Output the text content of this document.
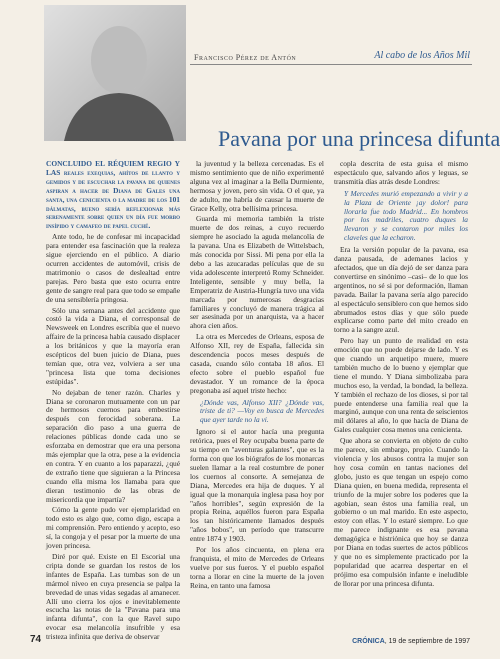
Francisco Pérez de Antón	Al cabo de los Años Mil
Pavana por una princesa difunta

CONCLUIDO EL RÉQUIEM REGIO Y LAS reales exequias, ahítos de llanto y gemidos y de escuchar la pavana de quienes aspiran a hacer de Diana de Gales una santa, una cenicienta o la madre de los 101 dálmatas, bueno sería reflexionar más serenamente sobre quien un día fue morbo insípido y camafeo de papel cuché.

Ante todo, he de confesar mi incapacidad para entender esa fascinación que la realeza sigue ejerciendo en el público. A diario ocurren accidentes de automóvil, crisis de matrimonio o casos de deslealtad entre parejas. Pero basta que esto ocurra entre gente de sangre real para que todo se empañe de una sensiblería pringosa.

Sólo una semana antes del accidente que costó la vida a Diana, el corresponsal de Newsweek en Londres escribía que el nuevo affaire de la princesa había causado displacer a los británicos y que la mayoría eran escépticos del buen juicio de Diana, pues temían que, otra vez, volviera a ser una "princesa lista que toma decisiones estúpidas".

No dejaban de tener razón. Charles y Diana se coronaron mutuamente con un par de hermosos cuernos para embestirse después con ferocidad soberana. La separación dio paso a una guerra de relaciones públicas donde cada uno se esforzaba en demostrar que era una persona más ejemplar que la otra, pese a la evidencia en contra. Y en cuanto a los paparazzi, ¿qué de extraño tiene que siguieran a la Princesa cuando ella misma los llamaba para que dieran testimonio de las obras de misericordia que impartía?

Cómo la gente pudo ver ejemplaridad en todo esto es algo que, como digo, escapa a mi comprensión. Pero entiendo y acepto, eso sí, la congoja y el pesar por la muerte de una joven princesa.

Diré por qué. Existe en El Escorial una cripta donde se guardan los restos de los infantes de España. Las tumbas son de un mármol níveo en cuya presencia se palpa la brevedad de unas vidas segadas al amanecer. Allí uno cierra los ojos e inevitablemente escucha las notas de la "Pavana para una infanta difunta", con la que Ravel supo evocar esa melancolía insufrible y esa tristeza infinita que deriva de observar

la juventud y la belleza cercenadas. Es el mismo sentimiento que de niño experimenté alguna vez al imaginar a la Bella Durmiente, hermosa y joven, pero sin vida. O el que, ya de adulto, me habría de causar la muerte de Grace Kelly, otra bellísima princesa.

Guarda mi memoria también la triste muerte de dos reinas, a cuyo recuerdo siempre he asociado la aguda melancolía de la pavana. Una es Elizabeth de Wittelsbach, más conocida por Sissi. Mi pena por ella la debo a las azucaradas películas que de su vida adolescente interpretó Romy Schneider. Inteligente, sensible y muy bella, la Emperatriz de Austria-Hungría tuvo una vida marcada por numerosas desgracias familiares y concluyó de manera trágica al ser asesinada por un anarquista, va a hacer ahora cien años.

La otra es Mercedes de Orleans, esposa de Alfonso XII, rey de España, fallecida sin descendencia pocos meses después de casada, cuando sólo contaba 18 años. El efecto sobre el pueblo español fue devastador. Y un romance de la época pregonaba así aquel triste hecho:

¿Dónde vas, Alfonso XII? ¿Dónde vas, triste de ti? —Voy en busca de Mercedes que ayer tarde no la vi.

Ignoro si el autor hacía una pregunta retórica, pues el Rey ocupaba buena parte de su tiempo en "aventuras galantes", que es la forma con que los biógrafos de los monarcas suelen llamar a la real costumbre de poner los cuernos al consorte. A semejanza de Diana, Mercedes era hija de duques. Y al igual que la monarquía inglesa pasa hoy por "años horribles", según expresión de la propia Reina, aquéllos fueron para España los tan históricamente llamados después "años bobos", un período que transcurre entre 1874 y 1903.

Por los años cincuenta, en plena era franquista, el mito de Mercedes de Orleans vuelve por sus fueros. Y el pueblo español torna a llorar en cine la muerte de la joven Reina, en tanto una famosa

copla descrita de esta guisa el mismo espectáculo que, salvando años y leguas, se transmitía días atrás desde Londres:

Y Mercedes murió empezando a vivir y a la Plaza de Oriente ¡ay dolor! para llorarla fue todo Madrid... En hombros por los madriles, cuatro duques la llevaron y se contaron por miles los claveles que la echaron.

Era la versión popular de la pavana, esa danza pausada, de ademanes lacios y afectados, que un día dejó de ser danza para convertirse en sinónimo –casi– de lo que los argentinos, no sé si por deformación, llaman pavada. Bailar la pavana sería algo parecido al espectáculo sensiblero con que hemos sido abrumados estos días y que sólo puede explicarse como parte del mito creado en torno a la sangre azul.

Pero hay un punto de realidad en esta emoción que no puede dejarse de lado. Y es que cuando un arquetipo muere, muere también mucho de lo bueno y ejemplar que tiene el mundo. Y Diana simbolizaba para muchos eso, la verdad, la bondad, la belleza. Y también el rechazo de los dioses, si por tal puede entenderse una familia real que la marginó, aunque con una renta de seiscientos mil dólares al año, lo que hacía de Diana de Gales cualquier cosa menos una cenicienta.

Que ahora se convierta en objeto de culto me parece, sin embargo, propio. Cuando la violencia y los abusos contra la mujer son hoy cosa común en tantas naciones del globo, justo es que tengan un espejo como Diana quien, en buena medida, representa el triunfo de la mujer sobre los poderes que la agobian, sean éstos una familia real, un gobierno o un mal marido. En este aspecto, estoy con ellas. Y lo estaré siempre. Lo que me parece indignante es esa pavana demagógica e histriónica que hoy se danza por Diana en todas suertes de actos públicos y que no es simplemente practicado por la popularidad que acarrea despertar en el prójimo esa compulsión infante e ineludible de llorar por una princesa difunta.

74	CRÓNICA, 19 de septiembre de 1997
